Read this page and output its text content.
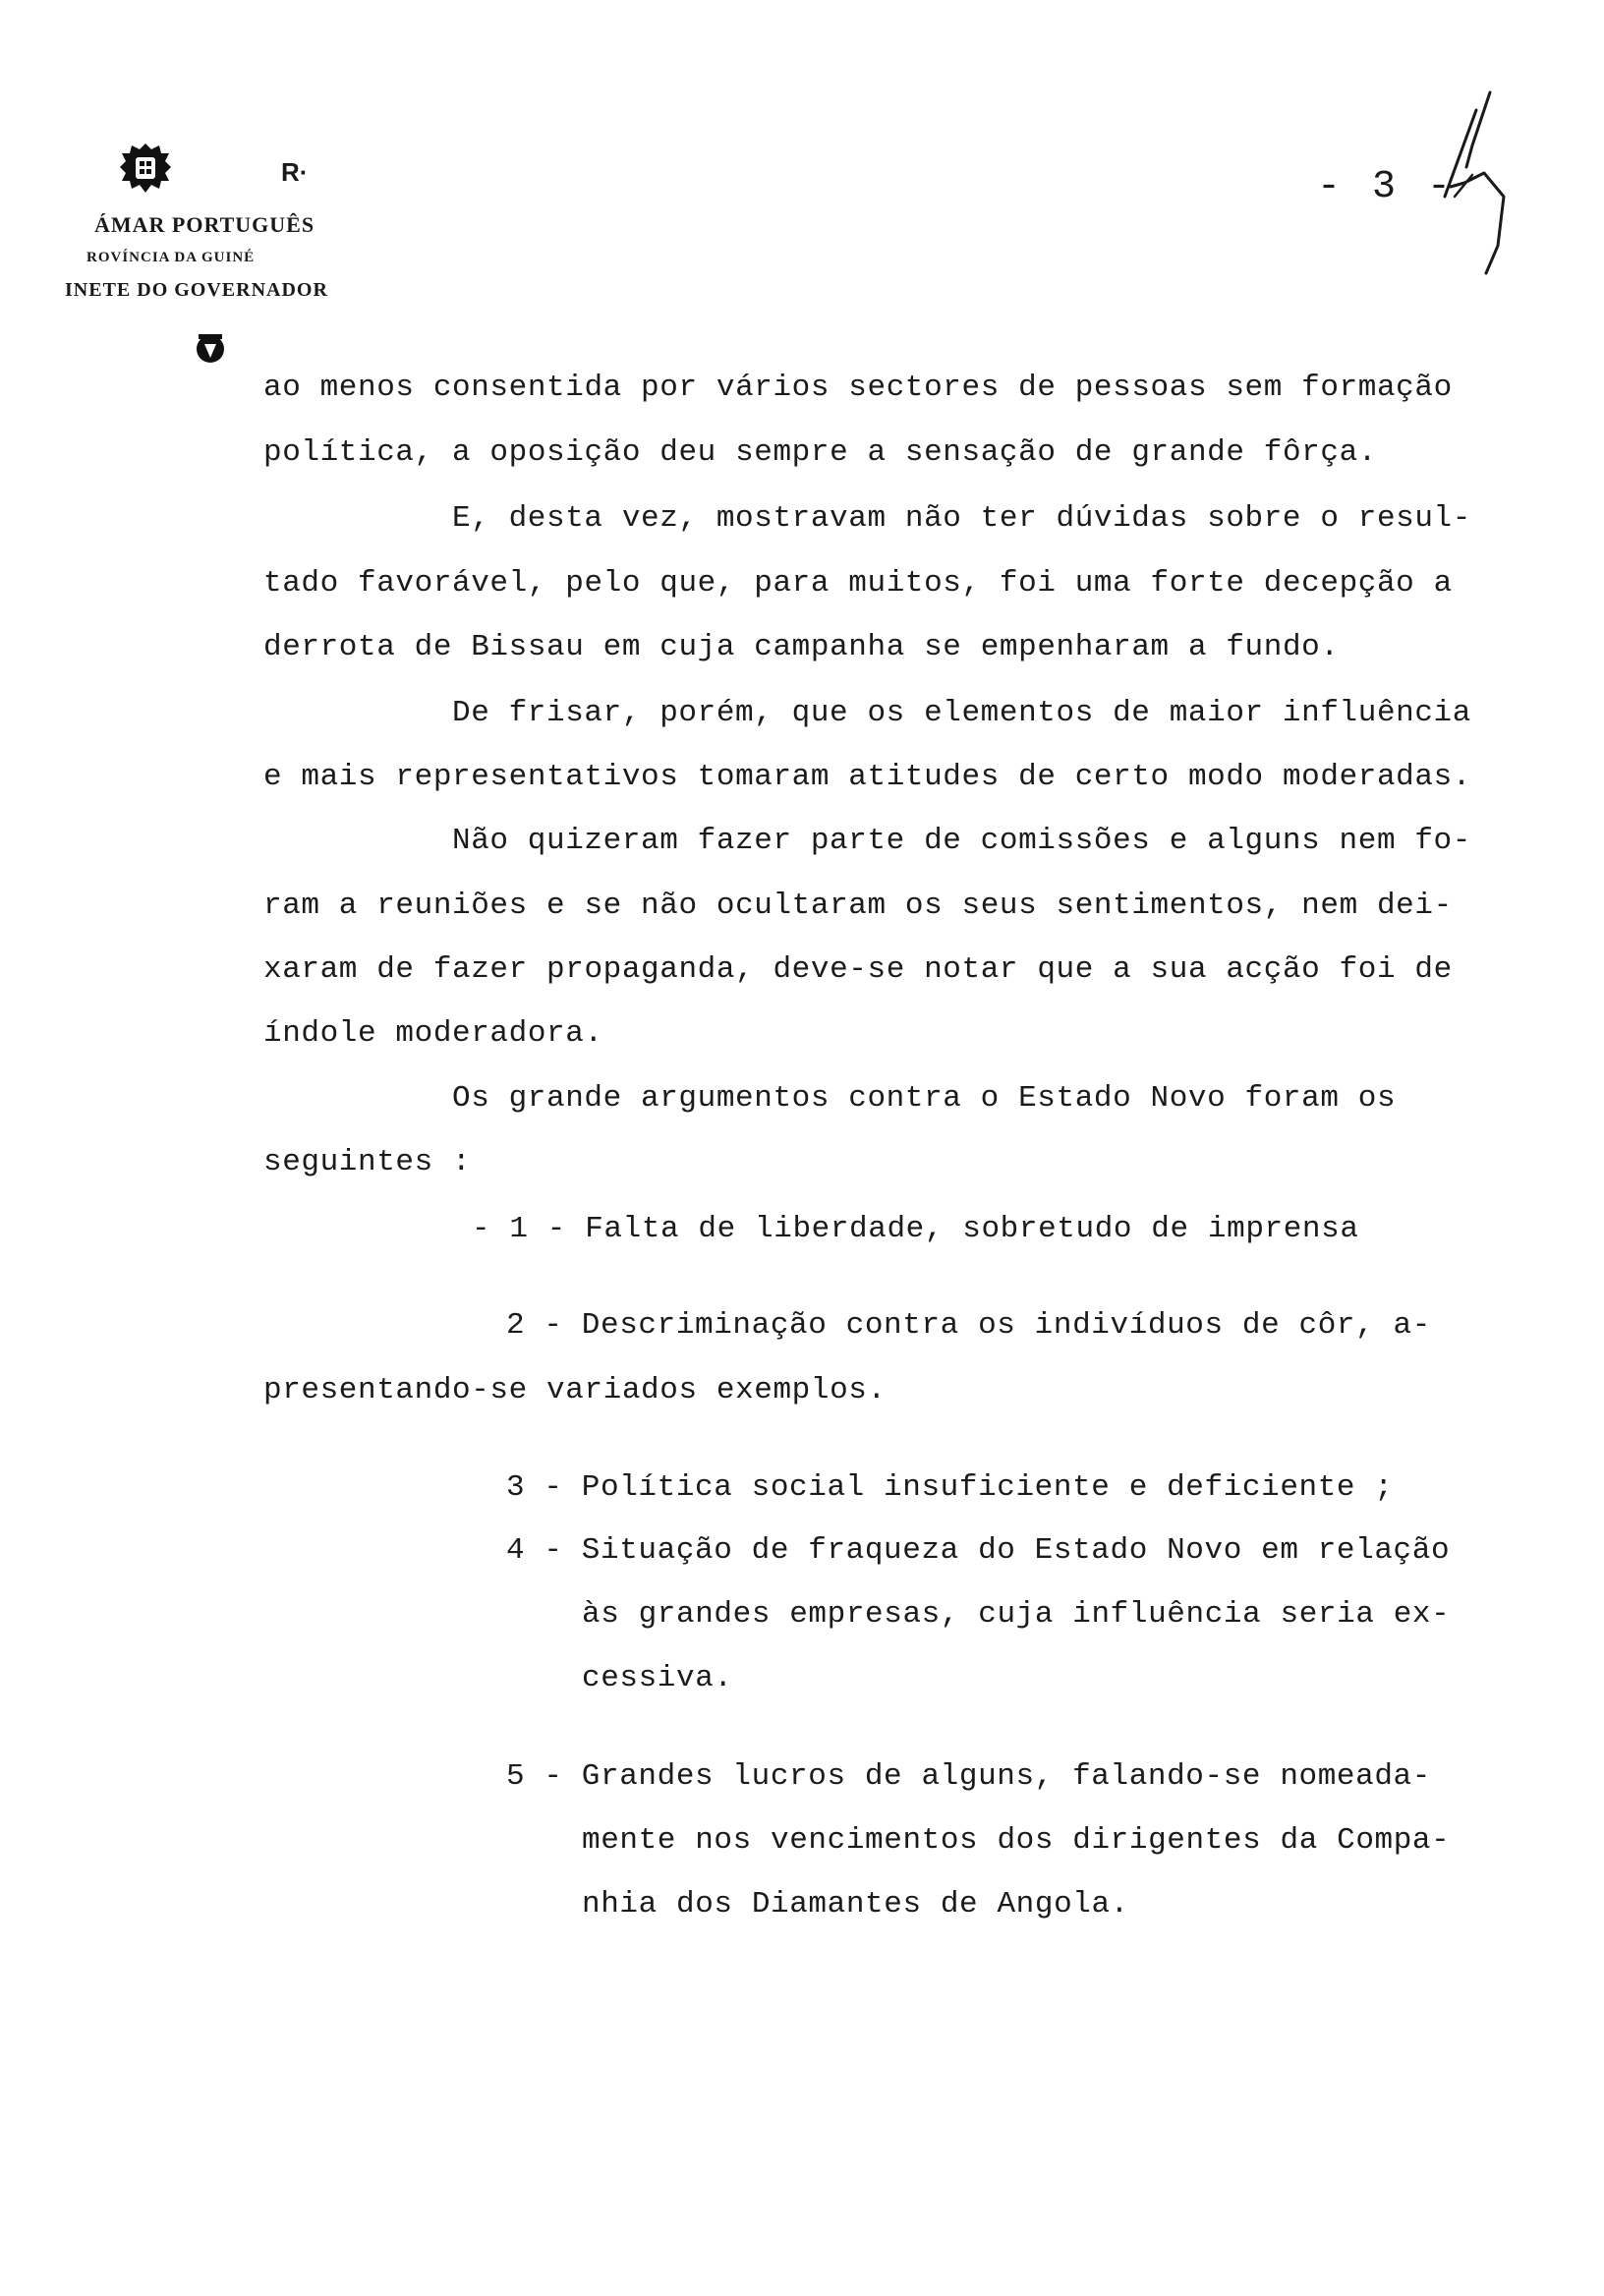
R·
ÁMAR PORTUGUÊS
ROVÍNCIA DA GUINÉ
INETE DO GOVERNADOR
- 3 -
ao menos consentida por vários sectores de pessoas sem formação
política, a oposição deu sempre a sensação de grande fôrça.
E, desta vez, mostravam não ter dúvidas sobre o resul-
tado favorável, pelo que, para muitos, foi uma forte decepção a
derrota de Bissau em cuja campanha se empenharam a fundo.
De frisar, porém, que os elementos de maior influência
e mais representativos tomaram atitudes de certo modo moderadas.
Não quizeram fazer parte de comissões e alguns nem fo-
ram a reuniões e se não ocultaram os seus sentimentos, nem dei-
xaram de fazer propaganda, deve-se notar que a sua acção foi de
índole moderadora.
Os grande argumentos contra o Estado Novo foram os
seguintes :
- 1 - Falta de liberdade, sobretudo de imprensa
2 - Descriminação contra os indivíduos de côr, a-
presentando-se variados exemplos.
3 - Política social insuficiente e deficiente ;
4 - Situação de fraqueza do Estado Novo em relação
às grandes empresas, cuja influência seria ex-
cessiva.
5 - Grandes lucros de alguns, falando-se nomeada-
mente nos vencimentos dos dirigentes da Compa-
nhia dos Diamantes de Angola.
